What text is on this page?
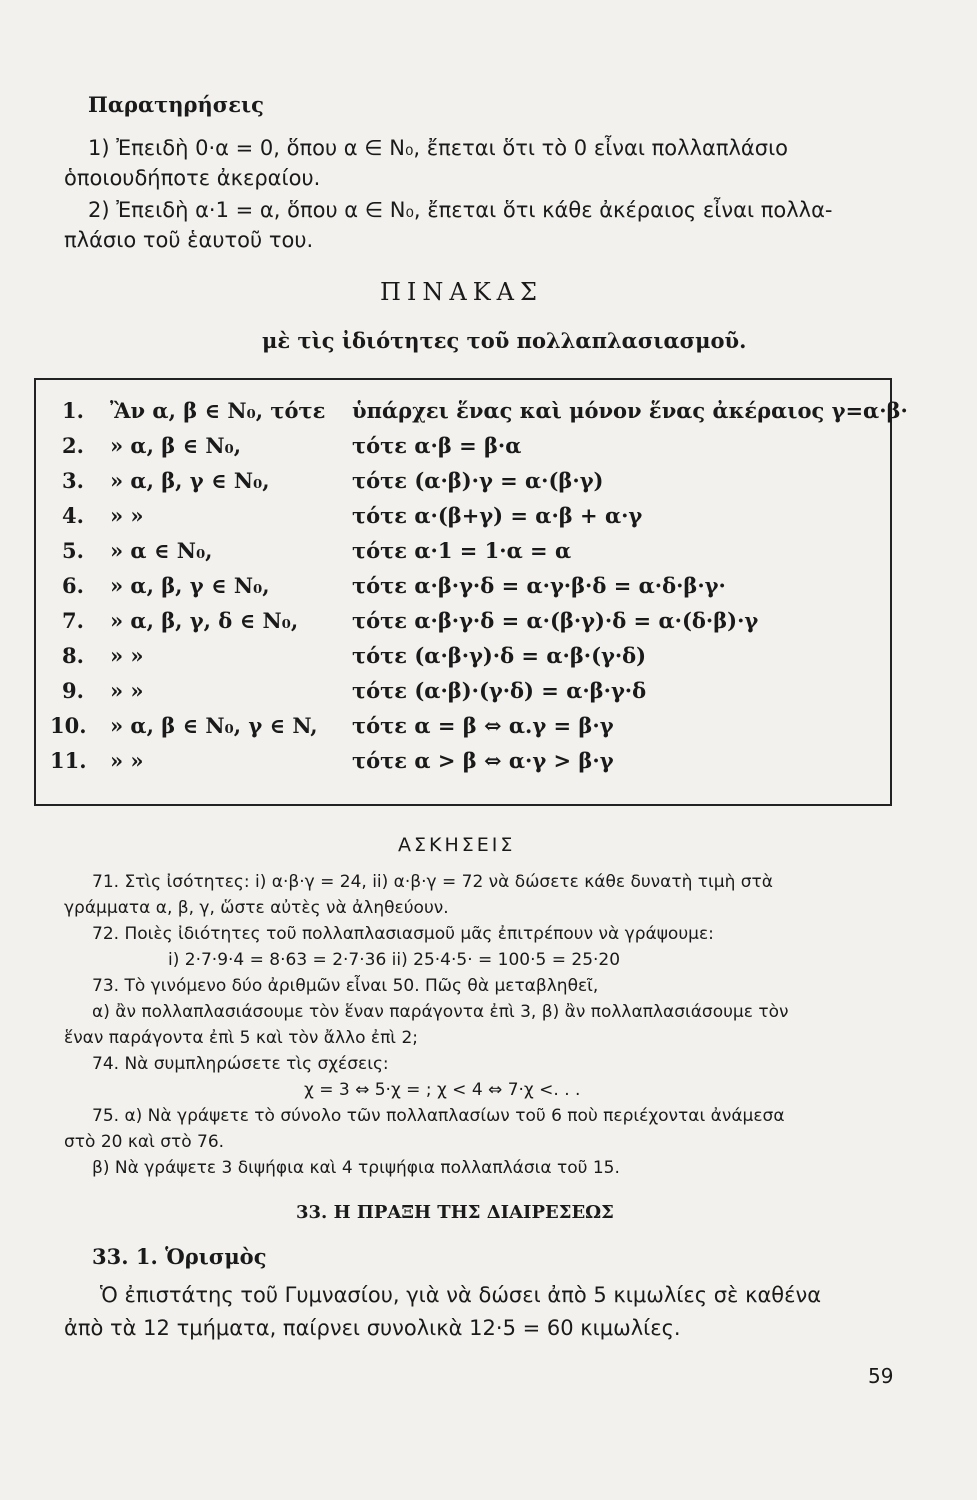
Παρατηρήσεις
1) Ἐπειδὴ 0·α = 0, ὅπου α ∈ N₀, ἔπεται ὅτι τὸ 0 εἶναι πολλαπλάσιο
ὁποιουδήποτε ἀκεραίου.
2) Ἐπειδὴ α·1 = α, ὅπου α ∈ N₀, ἔπεται ὅτι κάθε ἀκέραιος εἶναι πολλα-
πλάσιο τοῦ ἑαυτοῦ του.
ΠΙΝΑΚΑΣ
μὲ τὶς ἰδιότητες τοῦ πολλαπλασιασμοῦ.
1. Ἂν α, β ∈ N₀, τότε ὑπάρχει ἕνας καὶ μόνον ἕνας ἀκέραιος γ=α·β·
2. » α, β ∈ N₀,	τότε α·β = β·α
3. » α, β, γ ∈ N₀,	τότε (α·β)·γ = α·(β·γ)
4. » »	τότε α·(β+γ) = α·β + α·γ
5. » α ∈ N₀,	τότε α·1 = 1·α = α
6. » α, β, γ ∈ N₀,	τότε α·β·γ·δ = α·γ·β·δ = α·δ·β·γ·
7. » α, β, γ, δ ∈ N₀,	τότε α·β·γ·δ = α·(β·γ)·δ = α·(δ·β)·γ
8. » »	τότε (α·β·γ)·δ = α·β·(γ·δ)
9. » »	τότε (α·β)·(γ·δ) = α·β·γ·δ
10. » α, β ∈ N₀, γ ∈ N, τότε α = β ⇔ α.γ = β·γ
11. » »	τότε α > β ⇔ α·γ > β·γ
ΑΣΚΗΣΕΙΣ
71. Στὶς ἰσότητες: i) α·β·γ = 24, ii) α·β·γ = 72 νὰ δώσετε κάθε δυνατὴ τιμὴ στὰ
γράμματα α, β, γ, ὥστε αὐτὲς νὰ ἀληθεύουν.
72. Ποιὲς ἰδιότητες τοῦ πολλαπλασιασμοῦ μᾶς ἐπιτρέπουν νὰ γράψουμε:
i) 2·7·9·4 = 8·63 = 2·7·36 ii) 25·4·5· = 100·5 = 25·20
73. Τὸ γινόμενο δύο ἀριθμῶν εἶναι 50. Πῶς θὰ μεταβληθεῖ,
α) ἂν πολλαπλασιάσουμε τὸν ἕναν παράγοντα ἐπὶ 3, β) ἂν πολλαπλασιάσουμε τὸν
ἕναν παράγοντα ἐπὶ 5 καὶ τὸν ἄλλο ἐπὶ 2;
74. Νὰ συμπληρώσετε τὶς σχέσεις:
χ = 3 ⇔ 5·χ = ; χ < 4 ⇔ 7·χ <. . .
75. α) Νὰ γράψετε τὸ σύνολο τῶν πολλαπλασίων τοῦ 6 ποὺ περιέχονται ἀνάμεσα
στὸ 20 καὶ στὸ 76.
β) Νὰ γράψετε 3 διψήφια καὶ 4 τριψήφια πολλαπλάσια τοῦ 15.
33. Η ΠΡΑΞΗ ΤΗΣ ΔΙΑΙΡΕΣΕΩΣ
33. 1. Ὁρισμὸς
Ὁ ἐπιστάτης τοῦ Γυμνασίου, γιὰ νὰ δώσει ἀπὸ 5 κιμωλίες σὲ καθένα
ἀπὸ τὰ 12 τμήματα, παίρνει συνολικὰ 12·5 = 60 κιμωλίες.
59
